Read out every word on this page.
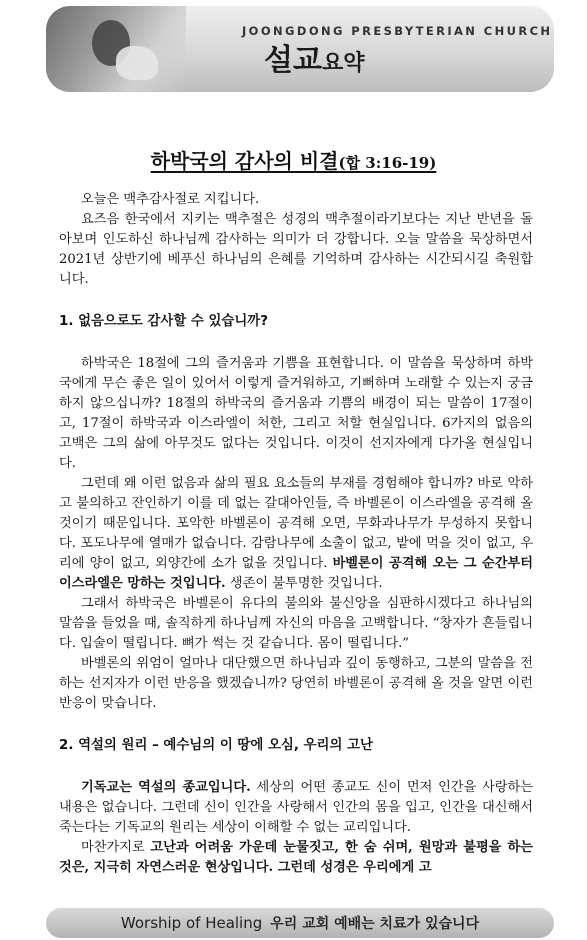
JOONGDONG PRESBYTERIAN CHURCH
설교요약
하박국의 감사의 비결(합 3:16-19)

오늘은 맥추감사절로 지킵니다.

요즈음 한국에서 지키는 맥추절은 성경의 맥추절이라기보다는 지난 반년을 돌아보며 인도하신 하나님께 감사하는 의미가 더 강합니다. 오늘 말씀을 묵상하면서 2021년 상반기에 베푸신 하나님의 은혜를 기억하며 감사하는 시간되시길 축원합니다.

1. 없음으로도 감사할 수 있습니까?

하박국은 18절에 그의 즐거움과 기쁨을 표현합니다. 이 말씀을 묵상하며 하박국에게 무슨 좋은 일이 있어서 이렇게 즐거워하고, 기뻐하며 노래할 수 있는지 궁금하지 않으십니까? 18절의 하박국의 즐거움과 기쁨의 배경이 되는 말씀이 17절이고, 17절이 하박국과 이스라엘이 처한, 그리고 처할 현실입니다. 6가지의 없음의 고백은 그의 삶에 아무것도 없다는 것입니다. 이것이 선지자에게 다가올 현실입니다.

그런데 왜 이런 없음과 삶의 필요 요소들의 부재를 경험해야 합니까? 바로 악하고 불의하고 잔인하기 이를 데 없는 갈대아인들, 즉 바벨론이 이스라엘을 공격해 올 것이기 때문입니다. 포악한 바벨론이 공격해 오면, 무화과나무가 무성하지 못합니다. 포도나무에 열매가 없습니다. 감람나무에 소출이 없고, 밭에 먹을 것이 없고, 우리에 양이 없고, 외양간에 소가 없을 것입니다. 바벨론이 공격해 오는 그 순간부터 이스라엘은 망하는 것입니다. 생존이 불투명한 것입니다.

그래서 하박국은 바벨론이 유다의 불의와 불신앙을 심판하시겠다고 하나님의 말씀을 들었을 때, 솔직하게 하나님께 자신의 마음을 고백합니다. “창자가 흔들립니다. 입술이 떨립니다. 뼈가 썩는 것 같습니다. 몸이 떨립니다.”

바벨론의 위엄이 얼마나 대단했으면 하나님과 깊이 동행하고, 그분의 말씀을 전하는 선지자가 이런 반응을 했겠습니까? 당연히 바벨론이 공격해 올 것을 알면 이런 반응이 맞습니다.

2. 역설의 원리 – 예수님의 이 땅에 오심, 우리의 고난

기독교는 역설의 종교입니다. 세상의 어떤 종교도 신이 먼저 인간을 사랑하는 내용은 없습니다. 그런데 신이 인간을 사랑해서 인간의 몸을 입고, 인간을 대신해서 죽는다는 기독교의 원리는 세상이 이해할 수 없는 교리입니다.

마찬가지로 고난과 어려움 가운데 눈물짓고, 한 숨 쉬며, 원망과 불평을 하는 것은, 지극히 자연스러운 현상입니다. 그런데 성경은 우리에게 고

Worship of Healing 우리 교회 예배는 치료가 있습니다
